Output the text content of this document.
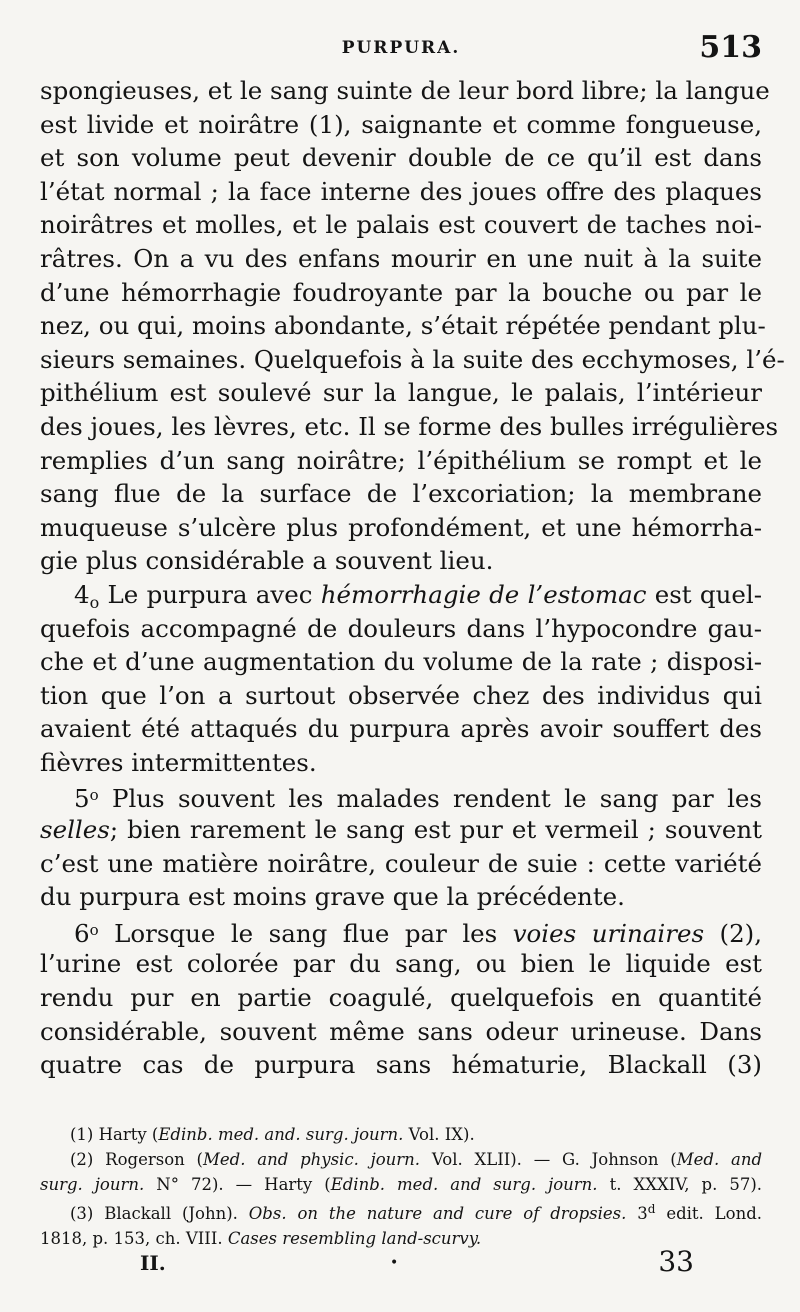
PURPURA.	513
spongieuses, et le sang suinte de leur bord libre; la langue
est livide et noirâtre (1), saignante et comme fongueuse,
et son volume peut devenir double de ce qu’il est dans
l’état normal ; la face interne des joues offre des plaques
noirâtres et molles, et le palais est couvert de taches noi-
râtres. On a vu des enfans mourir en une nuit à la suite
d’une hémorrhagie foudroyante par la bouche ou par le
nez, ou qui, moins abondante, s’était répétée pendant plu-
sieurs semaines. Quelquefois à la suite des ecchymoses, l’é-
pithélium est soulevé sur la langue, le palais, l’intérieur
des joues, les lèvres, etc. Il se forme des bulles irrégulières
remplies d’un sang noirâtre; l’épithélium se rompt et le
sang flue de la surface de l’excoriation; la membrane
muqueuse s’ulcère plus profondément, et une hémorrha-
gie plus considérable a souvent lieu.
$4_o$ Le purpura avec hémorrhagie de l’estomac est quel-
quefois accompagné de douleurs dans l’hypocondre gau-
che et d’une augmentation du volume de la rate ; disposi-
tion que l’on a surtout observée chez des individus qui
avaient été attaqués du purpura après avoir souffert des
fièvres intermittentes.
5$^o$ Plus souvent les malades rendent le sang par les
selles; bien rarement le sang est pur et vermeil ; souvent
c’est une matière noirâtre, couleur de suie : cette variété
du purpura est moins grave que la précédente.
6$^o$ Lorsque le sang flue par les voies urinaires (2),
l’urine est colorée par du sang, ou bien le liquide est
rendu pur en partie coagulé, quelquefois en quantité
considérable, souvent même sans odeur urineuse. Dans
quatre cas de purpura sans hématurie, Blackall (3)
(1) Harty (Edinb. med. and. surg. journ. Vol. IX).
(2) Rogerson (Med. and physic. journ. Vol. XLII). — G. Johnson (Med. and
surg. journ. N° 72). — Harty (Edinb. med. and surg. journ. t. XXXIV, p. 57).
(3) Blackall (John). Obs. on the nature and cure of dropsies. 3$^d$ edit. Lond.
1818, p. 153, ch. VIII. Cases resembling land-scurvy.
II.	•	33
